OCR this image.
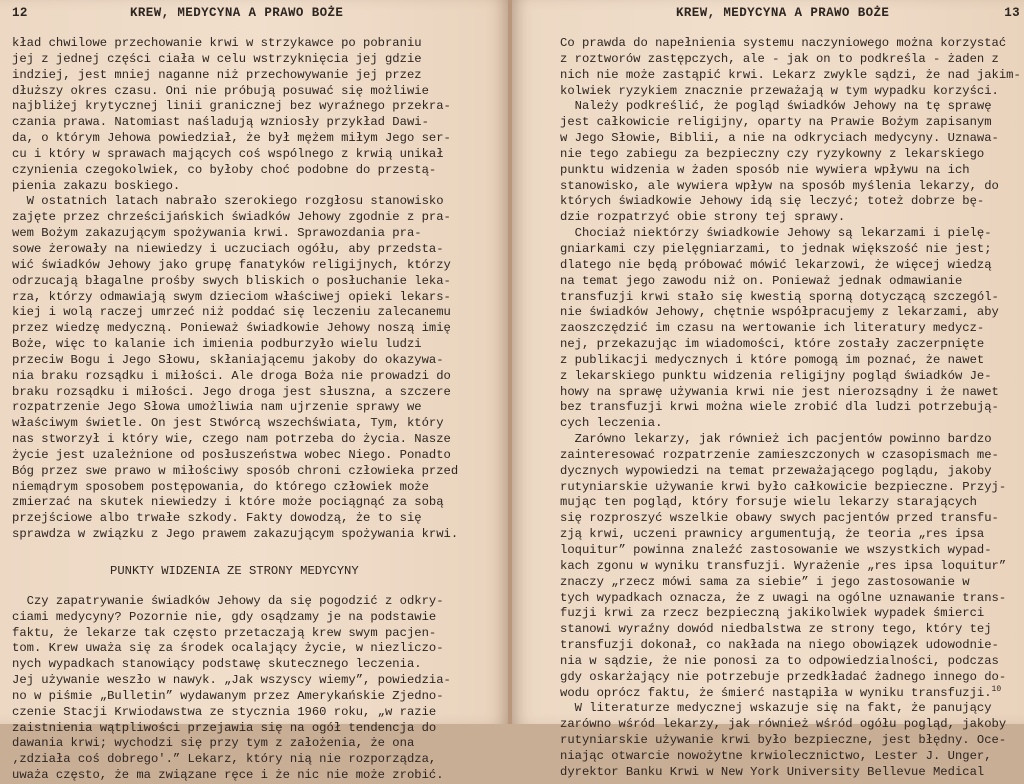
12	KREW, MEDYCYNA A PRAWO BOŻE
kład chwilowe przechowanie krwi w strzykawce po pobraniu
jej z jednej części ciała w celu wstrzyknięcia jej gdzie
indziej, jest mniej naganne niż przechowywanie jej przez
dłuższy okres czasu. Oni nie próbują posuwać się możliwie
najbliżej krytycznej linii granicznej bez wyraźnego przekra-
czania prawa. Natomiast naśladują wzniosły przykład Dawi-
da, o którym Jehowa powiedział, że był mężem miłym Jego ser-
cu i który w sprawach mających coś wspólnego z krwią unikał
czynienia czegokolwiek, co byłoby choć podobne do przestą-
pienia zakazu boskiego.
W ostatnich latach nabrało szerokiego rozgłosu stanowisko
zajęte przez chrześcijańskich świadków Jehowy zgodnie z pra-
wem Bożym zakazującym spożywania krwi. Sprawozdania pra-
sowe żerowały na niewiedzy i uczuciach ogółu, aby przedsta-
wić świadków Jehowy jako grupę fanatyków religijnych, którzy
odrzucają błagalne prośby swych bliskich o posłuchanie leka-
rza, którzy odmawiają swym dzieciom właściwej opieki lekars-
kiej i wolą raczej umrzeć niż poddać się leczeniu zalecanemu
przez wiedzę medyczną. Ponieważ świadkowie Jehowy noszą imię
Boże, więc to kalanie ich imienia podburzyło wielu ludzi
przeciw Bogu i Jego Słowu, skłaniającemu jakoby do okazywa-
nia braku rozsądku i miłości. Ale droga Boża nie prowadzi do
braku rozsądku i miłości. Jego droga jest słuszna, a szczere
rozpatrzenie Jego Słowa umożliwia nam ujrzenie sprawy we
właściwym świetle. On jest Stwórcą wszechświata, Tym, który
nas stworzył i który wie, czego nam potrzeba do życia. Nasze
życie jest uzależnione od posłuszeństwa wobec Niego. Ponadto
Bóg przez swe prawo w miłościwy sposób chroni człowieka przed
niemądrym sposobem postępowania, do którego człowiek może
zmierzać na skutek niewiedzy i które może pociągnąć za sobą
przejściowe albo trwałe szkody. Fakty dowodzą, że to się
sprawdza w związku z Jego prawem zakazującym spożywania krwi.
PUNKTY WIDZENIA ZE STRONY MEDYCYNY
Czy zapatrywanie świadków Jehowy da się pogodzić z odkry-
ciami medycyny? Pozornie nie, gdy osądzamy je na podstawie
faktu, że lekarze tak często przetaczają krew swym pacjen-
tom. Krew uważa się za środek ocalający życie, w niezliczo-
nych wypadkach stanowiący podstawę skutecznego leczenia.
Jej używanie weszło w nawyk. „Jak wszyscy wiemy”, powiedzia-
no w piśmie „Bulletin” wydawanym przez Amerykańskie Zjedno-
czenie Stacji Krwiodawstwa ze stycznia 1960 roku, „w razie
zaistnienia wątpliwości przejawia się na ogół tendencja do
dawania krwi; wychodzi się przy tym z założenia, że ona
‚zdziała coś dobrego'.” Lekarz, który nią nie rozporządza,
uważa często, że ma związane ręce i że nic nie może zrobić.
KREW, MEDYCYNA A PRAWO BOŻE	13
Co prawda do napełnienia systemu naczyniowego można korzystać
z roztworów zastępczych, ale - jak on to podkreśla - żaden z
nich nie może zastąpić krwi. Lekarz zwykle sądzi, że nad jakim-
kolwiek ryzykiem znacznie przeważają w tym wypadku korzyści.
Należy podkreślić, że pogląd świadków Jehowy na tę sprawę
jest całkowicie religijny, oparty na Prawie Bożym zapisanym
w Jego Słowie, Biblii, a nie na odkryciach medycyny. Uznawa-
nie tego zabiegu za bezpieczny czy ryzykowny z lekarskiego
punktu widzenia w żaden sposób nie wywiera wpływu na ich
stanowisko, ale wywiera wpływ na sposób myślenia lekarzy, do
których świadkowie Jehowy idą się leczyć; toteż dobrze bę-
dzie rozpatrzyć obie strony tej sprawy.
Chociaż niektórzy świadkowie Jehowy są lekarzami i pielę-
gniarkami czy pielęgniarzami, to jednak większość nie jest;
dlatego nie będą próbować mówić lekarzowi, że więcej wiedzą
na temat jego zawodu niż on. Ponieważ jednak odmawianie
transfuzji krwi stało się kwestią sporną dotyczącą szczegól-
nie świadków Jehowy, chętnie współpracujemy z lekarzami, aby
zaoszczędzić im czasu na wertowanie ich literatury medycz-
nej, przekazując im wiadomości, które zostały zaczerpnięte
z publikacji medycznych i które pomogą im poznać, że nawet
z lekarskiego punktu widzenia religijny pogląd świadków Je-
howy na sprawę używania krwi nie jest nierozsądny i że nawet
bez transfuzji krwi można wiele zrobić dla ludzi potrzebują-
cych leczenia.
Zarówno lekarzy, jak również ich pacjentów powinno bardzo
zainteresować rozpatrzenie zamieszczonych w czasopismach me-
dycznych wypowiedzi na temat przeważającego poglądu, jakoby
rutyniarskie używanie krwi było całkowicie bezpieczne. Przyj-
mując ten pogląd, który forsuje wielu lekarzy starających
się rozproszyć wszelkie obawy swych pacjentów przed transfu-
zją krwi, uczeni prawnicy argumentują, że teoria „res ipsa
loquitur” powinna znaleźć zastosowanie we wszystkich wypad-
kach zgonu w wyniku transfuzji. Wyrażenie „res ipsa loquitur”
znaczy „rzecz mówi sama za siebie” i jego zastosowanie w
tych wypadkach oznacza, że z uwagi na ogólne uznawanie trans-
fuzji krwi za rzecz bezpieczną jakikolwiek wypadek śmierci
stanowi wyraźny dowód niedbalstwa ze strony tego, który tej
transfuzji dokonał, co nakłada na niego obowiązek udowodnie-
nia w sądzie, że nie ponosi za to odpowiedzialności, podczas
gdy oskarżający nie potrzebuje przedkładać żadnego innego do-
wodu oprócz faktu, że śmierć nastąpiła w wyniku transfuzji.$^{10}$
W literaturze medycznej wskazuje się na fakt, że panujący
zarówno wśród lekarzy, jak również wśród ogółu pogląd, jakoby
rutyniarskie używanie krwi było bezpieczne, jest błędny. Oce-
niając otwarcie nowożytne krwiolecznictwo, Lester J. Unger,
dyrektor Banku Krwi w New York University Bellevue Medical
